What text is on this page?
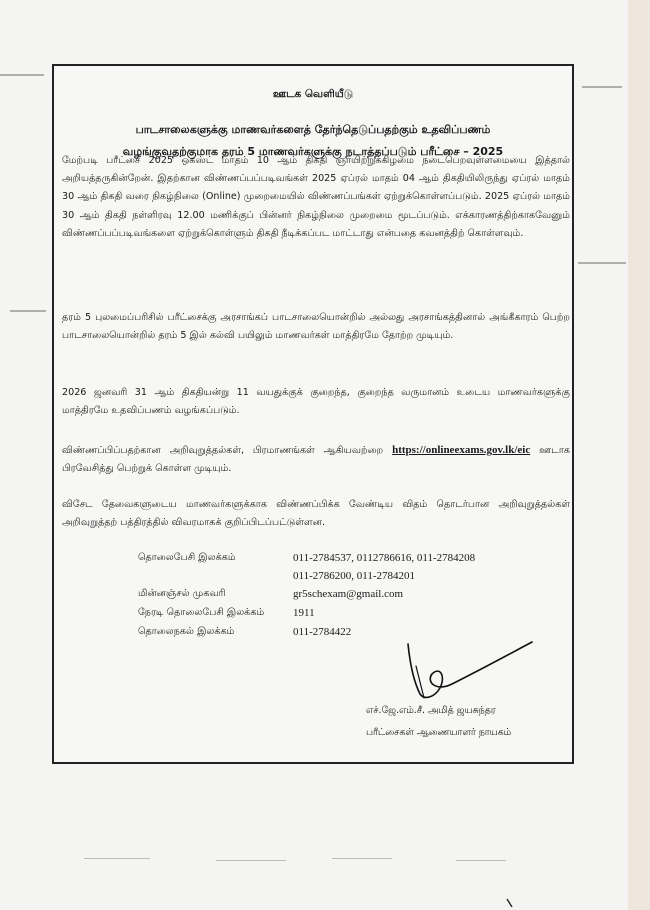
ஊடக வெளியீடு
பாடசாலைகளுக்கு மாணவர்களைத் தேர்ந்தெடுப்பதற்கும் உதவிப்பணம்
வழங்குவதற்குமாக தரம் 5 மாணவர்களுக்கு நடாத்தப்படும் பரீட்சை – 2025

மேற்படி பரீட்சை 2025 ஒகஸ்ட் மாதம் 10 ஆம் திகதி ஞாயிற்றுக்கிழமை நடைபெறவுள்ளமையை இத்தால் அறியத்தருகின்றேன். இதற்கான விண்ணப்பப்படிவங்கள் 2025 ஏப்ரல் மாதம் 04 ஆம் திகதியிலிருந்து ஏப்ரல் மாதம் 30 ஆம் திகதி வரை நிகழ்நிலை (Online) முறைமையில் விண்ணப்பங்கள் ஏற்றுக்கொள்ளப்படும். 2025 ஏப்ரல் மாதம் 30 ஆம் திகதி நள்ளிரவு 12.00 மணிக்குப் பின்னர் நிகழ்நிலை முறைமை மூடப்படும். எக்காரணத்திற்காகவேனும் விண்ணப்பப்படிவங்களை ஏற்றுக்கொள்ளும் திகதி நீடிக்கப்பட மாட்டாது என்பதை கவனத்திற் கொள்ளவும்.

தரம் 5 புலமைப்பரிசில் பரீட்சைக்கு அரசாங்கப் பாடசாலையொன்றில் அல்லது அரசாங்கத்தினால் அங்கீகாரம் பெற்ற பாடசாலையொன்றில் தரம் 5 இல் கல்வி பயிலும் மாணவர்கள் மாத்திரமே தோற்ற முடியும்.

2026 ஜனவரி 31 ஆம் திகதியன்று 11 வயதுக்குக் குறைந்த, குறைந்த வருமானம் உடைய மாணவர்களுக்கு மாத்திரமே உதவிப்பணம் வழங்கப்படும்.

விண்ணப்பிப்பதற்கான அறிவுறுத்தல்கள், பிரமாணங்கள் ஆகியவற்றை https://onlineexams.gov.lk/eic ஊடாக பிரவேசித்து பெற்றுக் கொள்ள முடியும்.

விசேட தேவைகளுடைய மாணவர்களுக்காக விண்ணப்பிக்க வேண்டிய விதம் தொடர்பான அறிவுறுத்தல்கள் அறிவுறுத்தற் பத்திரத்தில் விவரமாகக் குறிப்பிடப்பட்டுள்ளன.

தொலைபேசி இலக்கம்	011-2784537, 0112786616, 011-2784208
011-2786200, 011-2784201
மின்னஞ்சல் முகவரி	gr5schexam@gmail.com
நேரடி தொலைபேசி இலக்கம்	1911
தொலைநகல் இலக்கம்	011-2784422
எச்.ஜே.எம்.சீ. அமித் ஜயசுந்தர
பரீட்சைகள் ஆணையாளர் நாயகம்
